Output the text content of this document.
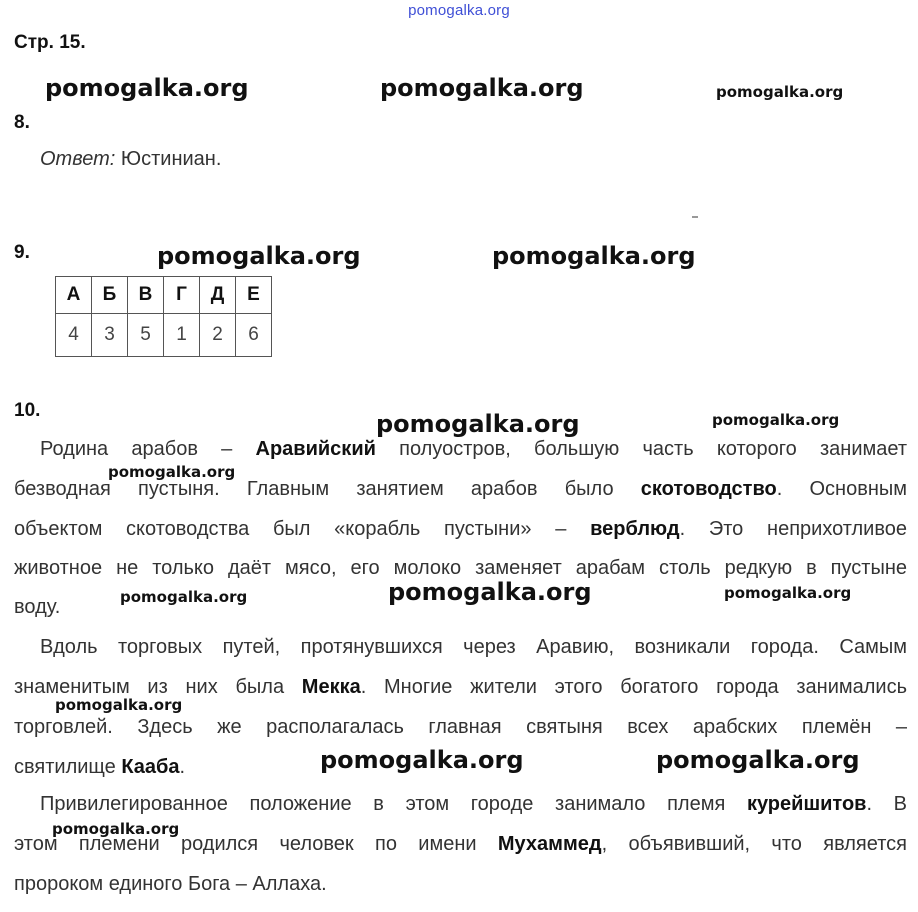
pomogalka.org
Стр. 15.
pomogalka.org	pomogalka.org	pomogalka.org
8.
Ответ: Юстиниан.
9.	pomogalka.org	pomogalka.org
А	Б	В	Г	Д	Е
4	3	5	1	2	6
10.
Родина арабов – Аравийский полуостров, большую часть которого занимает
безводная пустыня. Главным занятием арабов было скотоводство. Основным
объектом скотоводства был «корабль пустыни» – верблюд. Это неприхотливое
животное не только даёт мясо, его молоко заменяет арабам столь редкую в пустыне
воду.
Вдоль торговых путей, протянувшихся через Аравию, возникали города. Самым
знаменитым из них была Мекка. Многие жители этого богатого города занимались
торговлей. Здесь же располагалась главная святыня всех арабских племён –
святилище Кааба.
Привилегированное положение в этом городе занимало племя курейшитов. В
этом племени родился человек по имени Мухаммед, объявивший, что является
пророком единого Бога – Аллаха.
pomogalka.org	pomogalka.org
pomogalka.org
pomogalka.org	pomogalka.org	pomogalka.org
pomogalka.org
pomogalka.org	pomogalka.org
pomogalka.org
